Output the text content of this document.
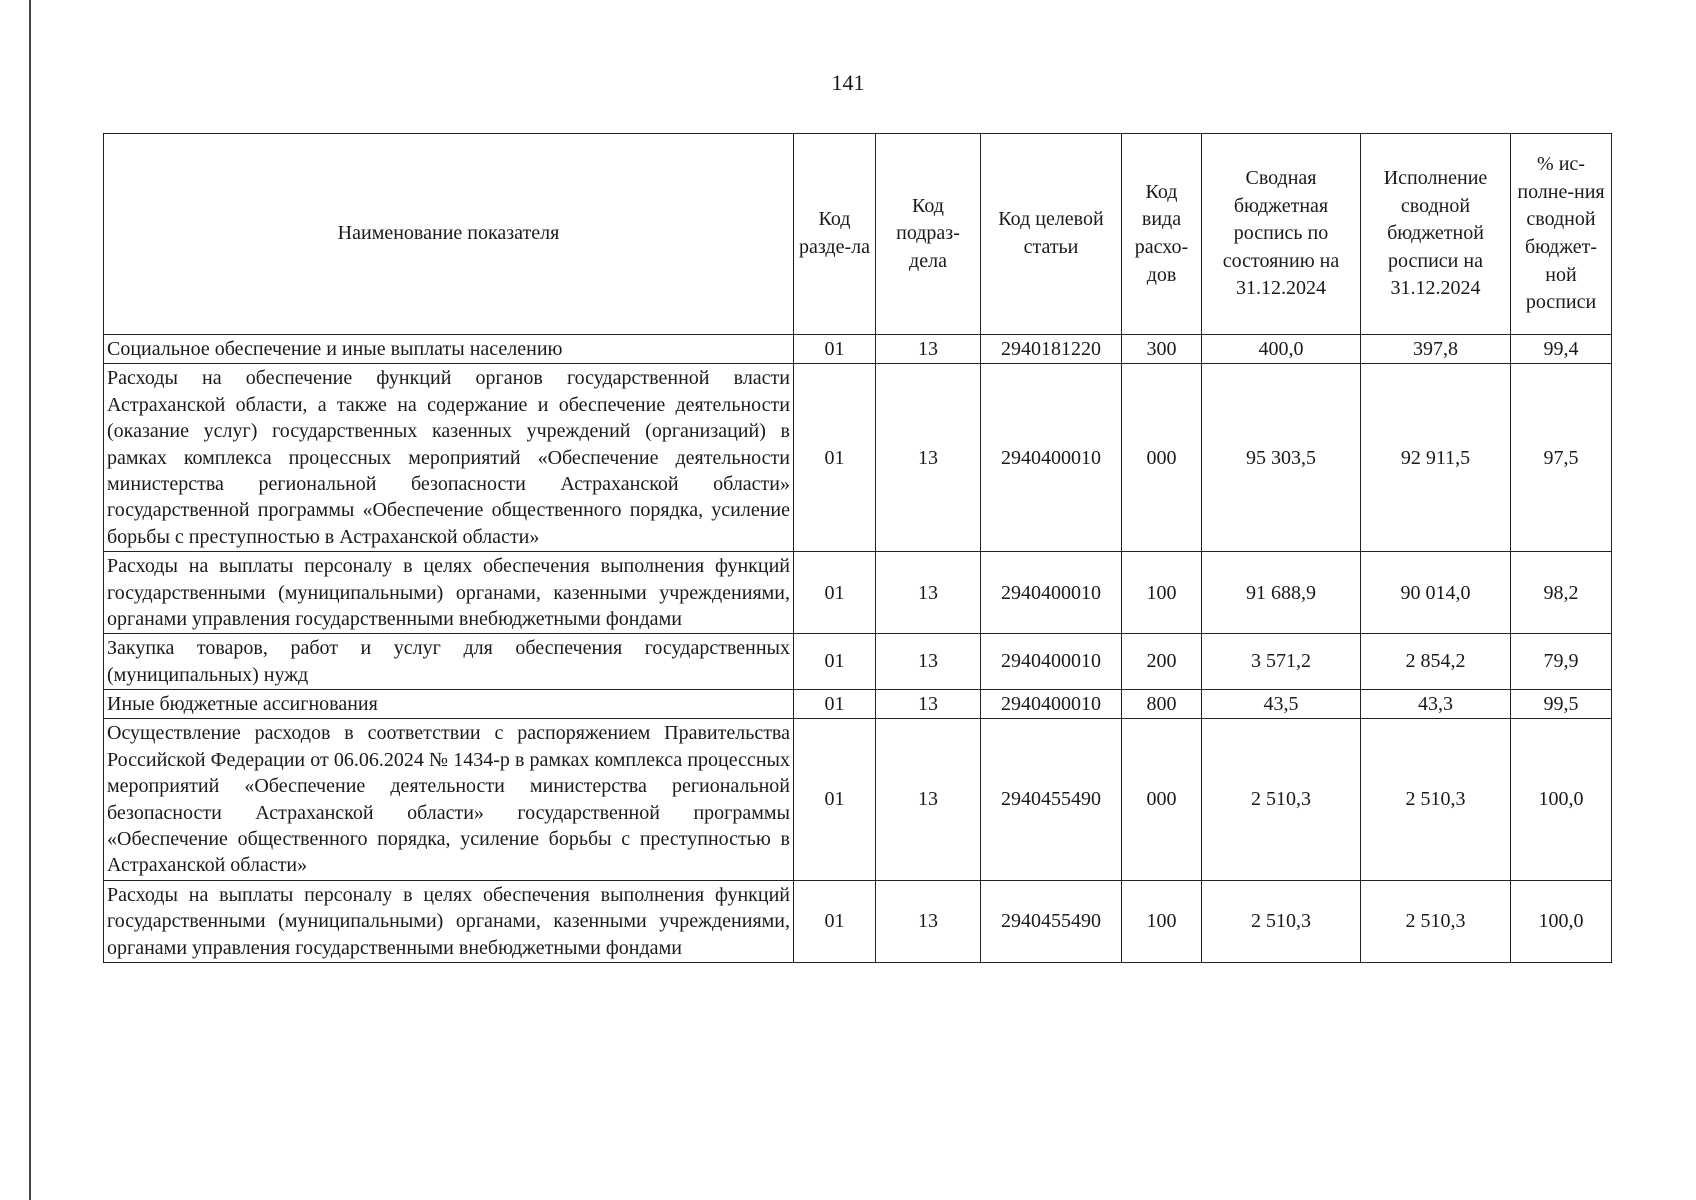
141
Наименование показателя	Код разде-ла	Код подраз-дела	Код целевой статьи	Код вида расхо-дов	Сводная бюджетная роспись по состоянию на 31.12.2024	Исполнение сводной бюджетной росписи на 31.12.2024	% ис-полне-ния сводной бюджет-ной росписи
Социальное обеспечение и иные выплаты населению	01	13	2940181220	300	400,0	397,8	99,4
Расходы на обеспечение функций органов государственной власти Астраханской области, а также на содержание и обеспечение деятельности (оказание услуг) государственных казенных учреждений (организаций) в рамках комплекса процессных мероприятий «Обеспечение деятельности министерства региональной безопасности Астраханской области» государственной программы «Обеспечение общественного порядка, усиление борьбы с преступностью в Астраханской области»	01	13	2940400010	000	95 303,5	92 911,5	97,5
Расходы на выплаты персоналу в целях обеспечения выполнения функций государственными (муниципальными) органами, казенными учреждениями, органами управления государственными внебюджетными фондами	01	13	2940400010	100	91 688,9	90 014,0	98,2
Закупка товаров, работ и услуг для обеспечения государственных (муниципальных) нужд	01	13	2940400010	200	3 571,2	2 854,2	79,9
Иные бюджетные ассигнования	01	13	2940400010	800	43,5	43,3	99,5
Осуществление расходов в соответствии с распоряжением Правительства Российской Федерации от 06.06.2024 № 1434-р в рамках комплекса процессных мероприятий «Обеспечение деятельности министерства региональной безопасности Астраханской области» государственной программы «Обеспечение общественного порядка, усиление борьбы с преступностью в Астраханской области»	01	13	2940455490	000	2 510,3	2 510,3	100,0
Расходы на выплаты персоналу в целях обеспечения выполнения функций государственными (муниципальными) органами, казенными учреждениями, органами управления государственными внебюджетными фондами	01	13	2940455490	100	2 510,3	2 510,3	100,0
